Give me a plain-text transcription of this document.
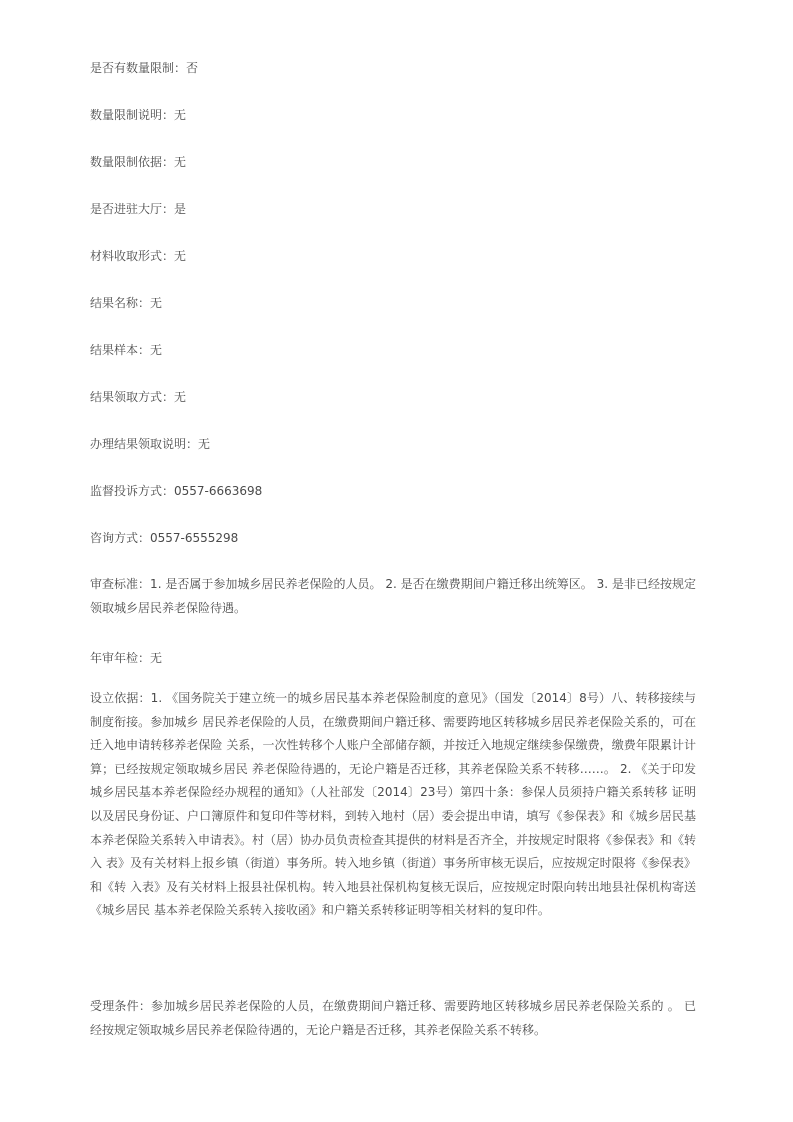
是否有数量限制：否
数量限制说明：无
数量限制依据：无
是否进驻大厅：是
材料收取形式：无
结果名称：无
结果样本：无
结果领取方式：无
办理结果领取说明：无
监督投诉方式：0557-6663698
咨询方式：0557-6555298
审查标准：1. 是否属于参加城乡居民养老保险的人员。 2. 是否在缴费期间户籍迁移出统筹区。 3. 是非已经按规定领取城乡居民养老保险待遇。
年审年检：无
设立依据：1. 《国务院关于建立统一的城乡居民基本养老保险制度的意见》（国发〔2014〕8号）八、转移接续与制度衔接。参加城乡 居民养老保险的人员，在缴费期间户籍迁移、需要跨地区转移城乡居民养老保险关系的，可在迁入地申请转移养老保险 关系，一次性转移个人账户全部储存额，并按迁入地规定继续参保缴费，缴费年限累计计算；已经按规定领取城乡居民 养老保险待遇的，无论户籍是否迁移，其养老保险关系不转移……。 2. 《关于印发城乡居民基本养老保险经办规程的通知》（人社部发〔2014〕23号）第四十条：参保人员须持户籍关系转移 证明以及居民身份证、户口簿原件和复印件等材料，到转入地村（居）委会提出申请，填写《参保表》和《城乡居民基 本养老保险关系转入申请表》。村（居）协办员负责检查其提供的材料是否齐全，并按规定时限将《参保表》和《转入 表》及有关材料上报乡镇（街道）事务所。转入地乡镇（街道）事务所审核无误后，应按规定时限将《参保表》和《转 入表》及有关材料上报县社保机构。转入地县社保机构复核无误后，应按规定时限向转出地县社保机构寄送《城乡居民 基本养老保险关系转入接收函》和户籍关系转移证明等相关材料的复印件。
受理条件：参加城乡居民养老保险的人员，在缴费期间户籍迁移、需要跨地区转移城乡居民养老保险关系的 。 已经按规定领取城乡居民养老保险待遇的，无论户籍是否迁移，其养老保险关系不转移。
